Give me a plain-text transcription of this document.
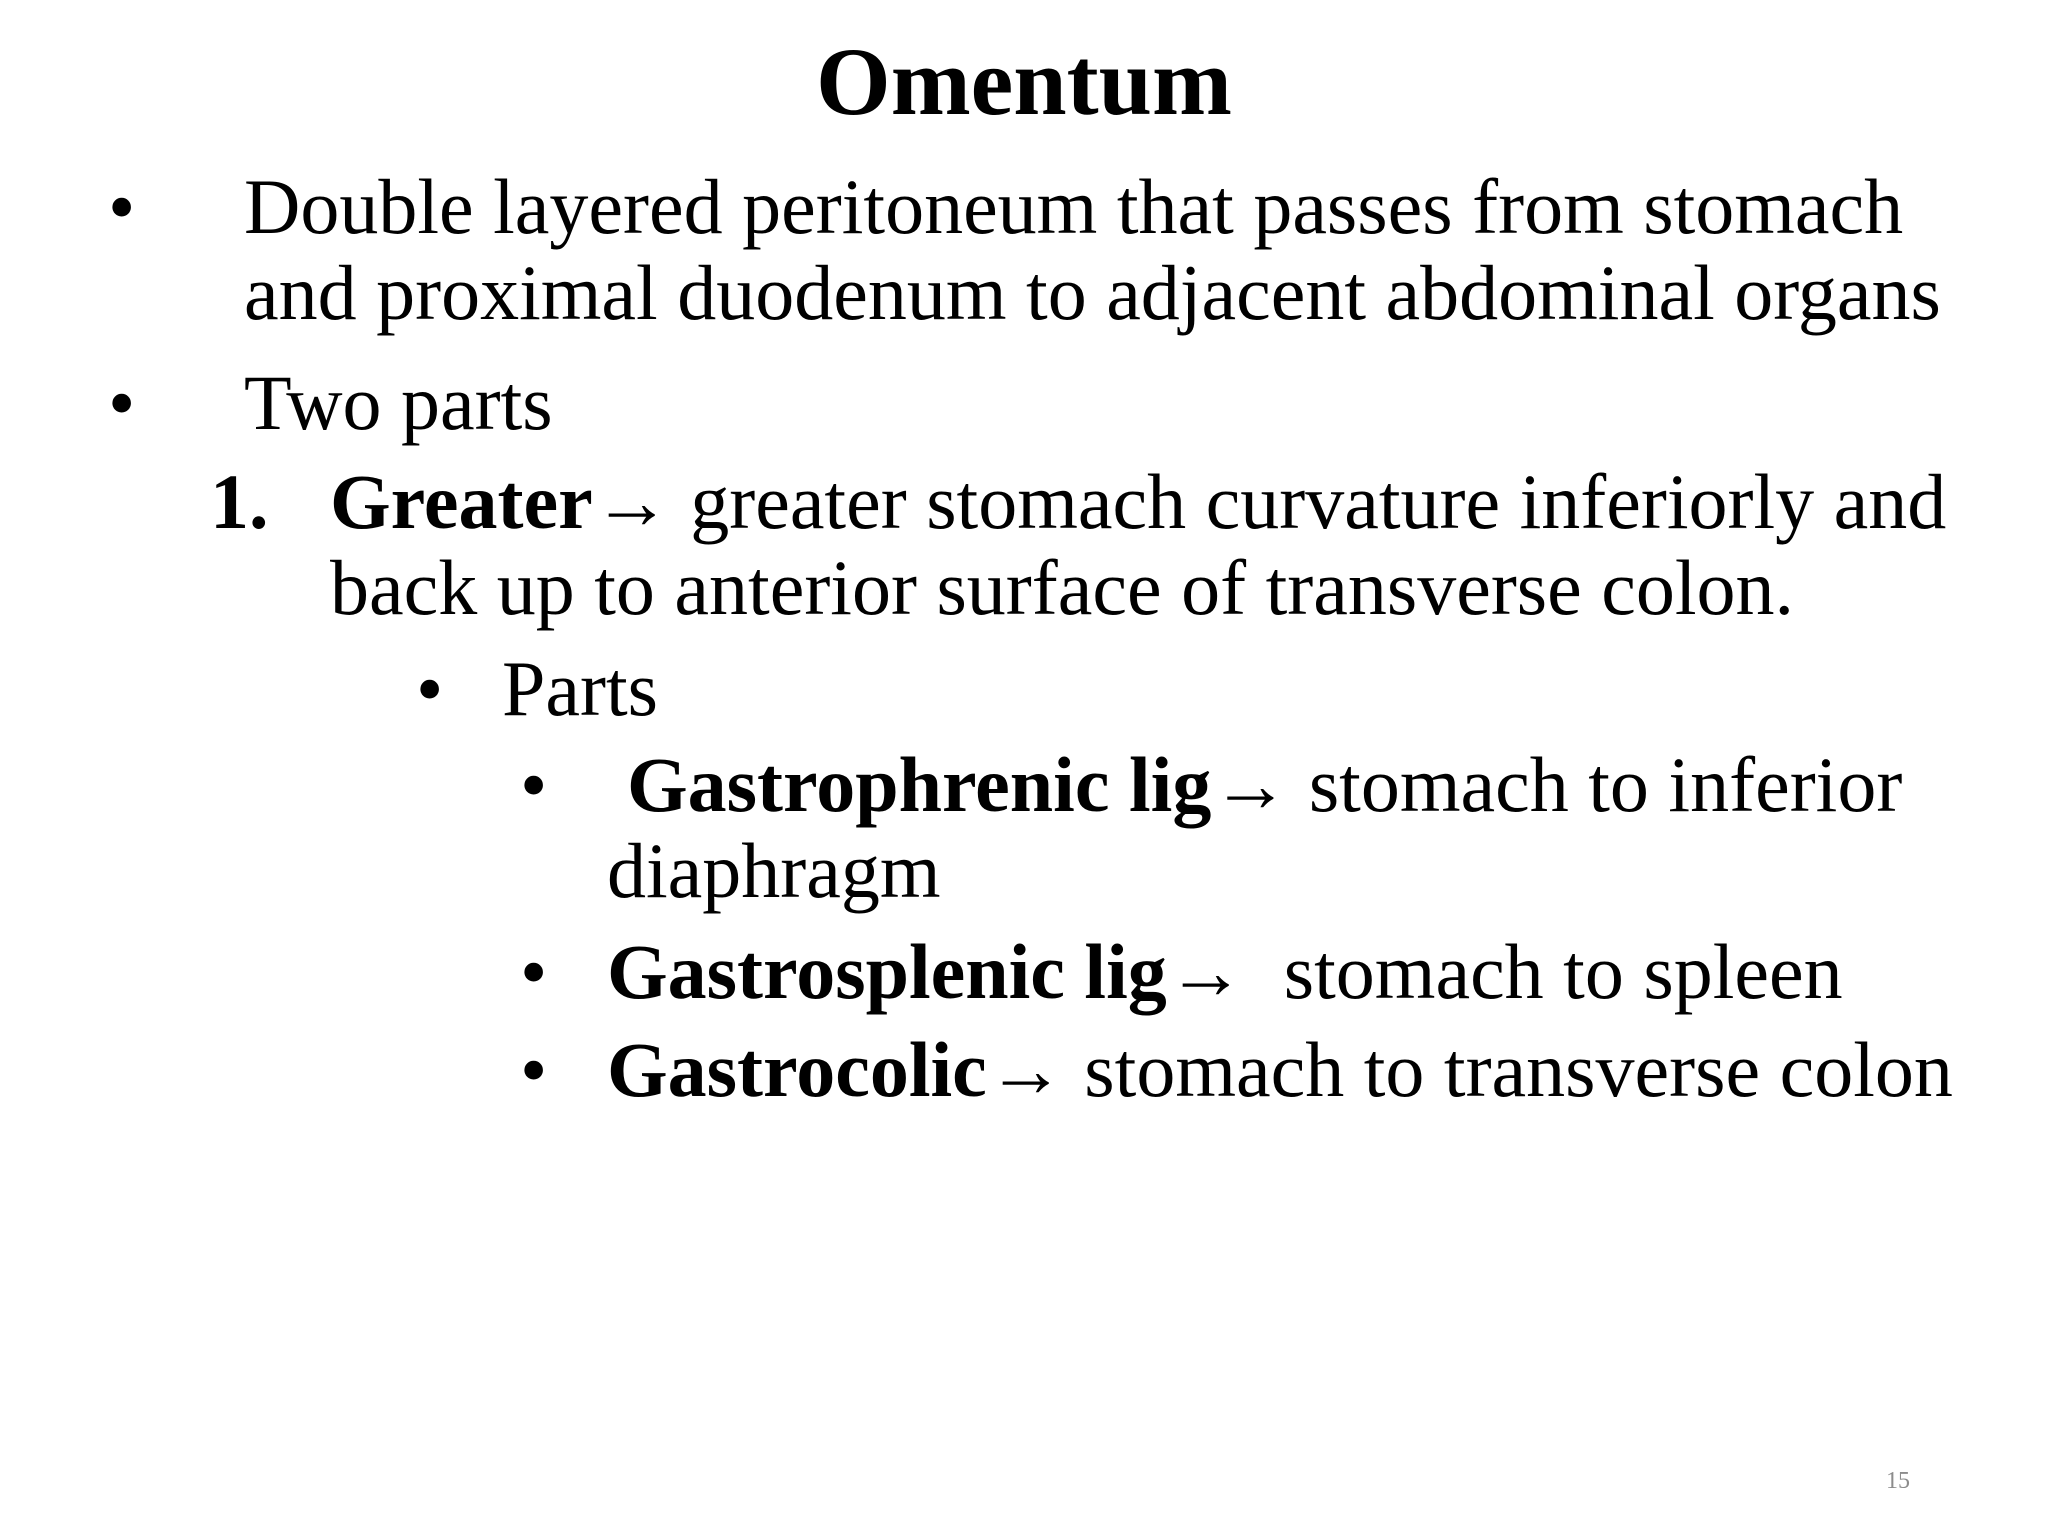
Omentum
• Double layered peritoneum that passes from stomach
and proximal duodenum to adjacent abdominal organs
• Two parts
1. Greater→ greater stomach curvature inferiorly and
back up to anterior surface of transverse colon.
• Parts
• Gastrophrenic lig→ stomach to inferior
diaphragm
• Gastrosplenic lig→  stomach to spleen
• Gastrocolic→ stomach to transverse colon
15
